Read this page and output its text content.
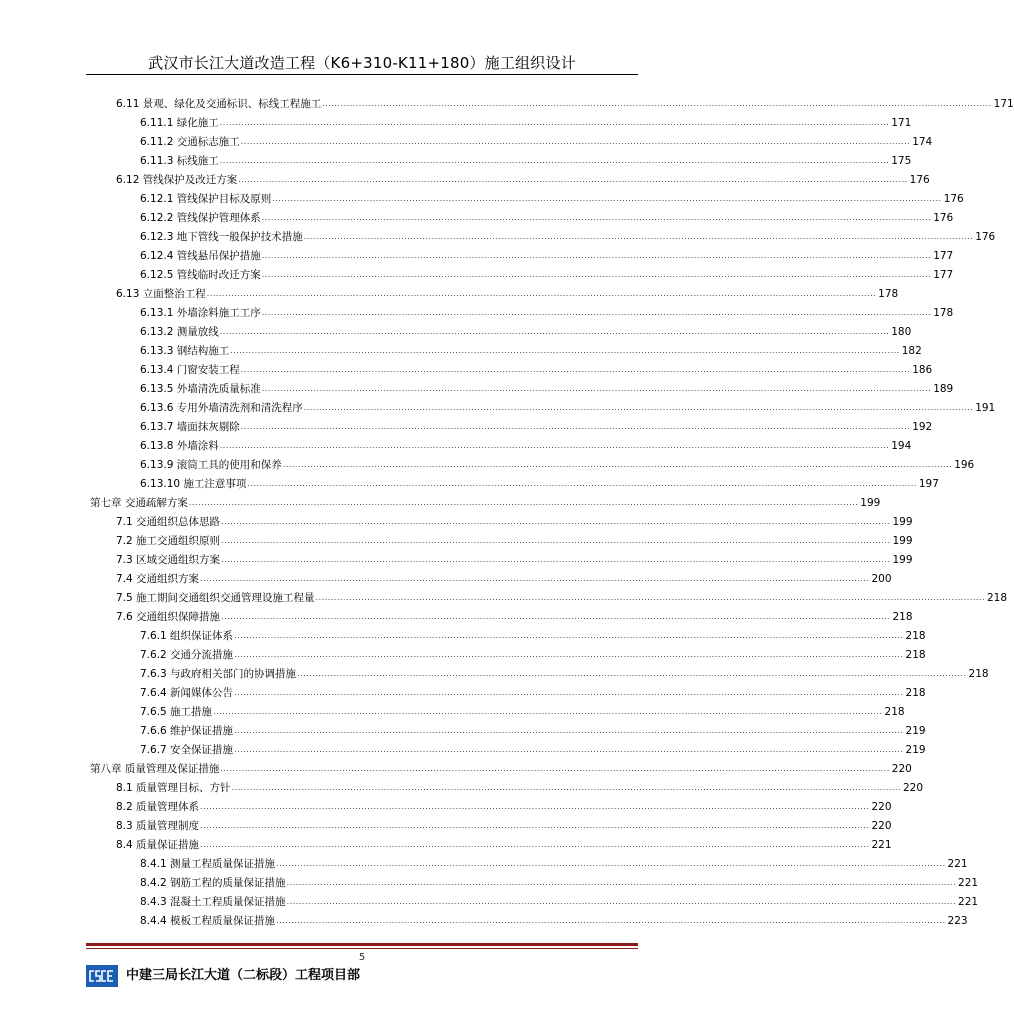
武汉市长江大道改造工程（K6+310-K11+180）施工组织设计
6.11 景观、绿化及交通标识、标线工程施工 ............................................................................................................................................................................................................................ 171
6.11.1 绿化施工 ............................................................................................................................................................................................................................ 171
6.11.2 交通标志施工 ............................................................................................................................................................................................................................ 174
6.11.3 标线施工 ............................................................................................................................................................................................................................ 175
6.12 管线保护及改迁方案 ............................................................................................................................................................................................................................ 176
6.12.1 管线保护目标及原则 ............................................................................................................................................................................................................................ 176
6.12.2 管线保护管理体系 ............................................................................................................................................................................................................................ 176
6.12.3 地下管线一般保护技术措施 ............................................................................................................................................................................................................................ 176
6.12.4 管线悬吊保护措施 ............................................................................................................................................................................................................................ 177
6.12.5 管线临时改迁方案 ............................................................................................................................................................................................................................ 177
6.13 立面整治工程 ............................................................................................................................................................................................................................ 178
6.13.1 外墙涂料施工工序 ............................................................................................................................................................................................................................ 178
6.13.2 测量放线 ............................................................................................................................................................................................................................ 180
6.13.3 钢结构施工 ............................................................................................................................................................................................................................ 182
6.13.4 门窗安装工程 ............................................................................................................................................................................................................................ 186
6.13.5 外墙清洗质量标准 ............................................................................................................................................................................................................................ 189
6.13.6 专用外墙清洗剂和清洗程序 ............................................................................................................................................................................................................................ 191
6.13.7 墙面抹灰剔除 ............................................................................................................................................................................................................................ 192
6.13.8 外墙涂料 ............................................................................................................................................................................................................................ 194
6.13.9 滚筒工具的使用和保养 ............................................................................................................................................................................................................................ 196
6.13.10 施工注意事项 ............................................................................................................................................................................................................................ 197
第七章 交通疏解方案 ............................................................................................................................................................................................................................ 199
7.1 交通组织总体思路 ............................................................................................................................................................................................................................ 199
7.2 施工交通组织原则 ............................................................................................................................................................................................................................ 199
7.3 区域交通组织方案 ............................................................................................................................................................................................................................ 199
7.4 交通组织方案 ............................................................................................................................................................................................................................ 200
7.5 施工期间交通组织交通管理设施工程量 ............................................................................................................................................................................................................................ 218
7.6 交通组织保障措施 ............................................................................................................................................................................................................................ 218
7.6.1 组织保证体系 ............................................................................................................................................................................................................................ 218
7.6.2 交通分流措施 ............................................................................................................................................................................................................................ 218
7.6.3 与政府相关部门的协调措施 ............................................................................................................................................................................................................................ 218
7.6.4 新闻媒体公告 ............................................................................................................................................................................................................................ 218
7.6.5 施工措施 ............................................................................................................................................................................................................................ 218
7.6.6 维护保证措施 ............................................................................................................................................................................................................................ 219
7.6.7 安全保证措施 ............................................................................................................................................................................................................................ 219
第八章 质量管理及保证措施 ............................................................................................................................................................................................................................ 220
8.1 质量管理目标、方针 ............................................................................................................................................................................................................................ 220
8.2 质量管理体系 ............................................................................................................................................................................................................................ 220
8.3 质量管理制度 ............................................................................................................................................................................................................................ 220
8.4 质量保证措施 ............................................................................................................................................................................................................................ 221
8.4.1 测量工程质量保证措施 ............................................................................................................................................................................................................................ 221
8.4.2 钢筋工程的质量保证措施 ............................................................................................................................................................................................................................ 221
8.4.3 混凝土工程质量保证措施 ............................................................................................................................................................................................................................ 221
8.4.4 模板工程质量保证措施 ............................................................................................................................................................................................................................ 223
5
中建三局长江大道（二标段）工程项目部
